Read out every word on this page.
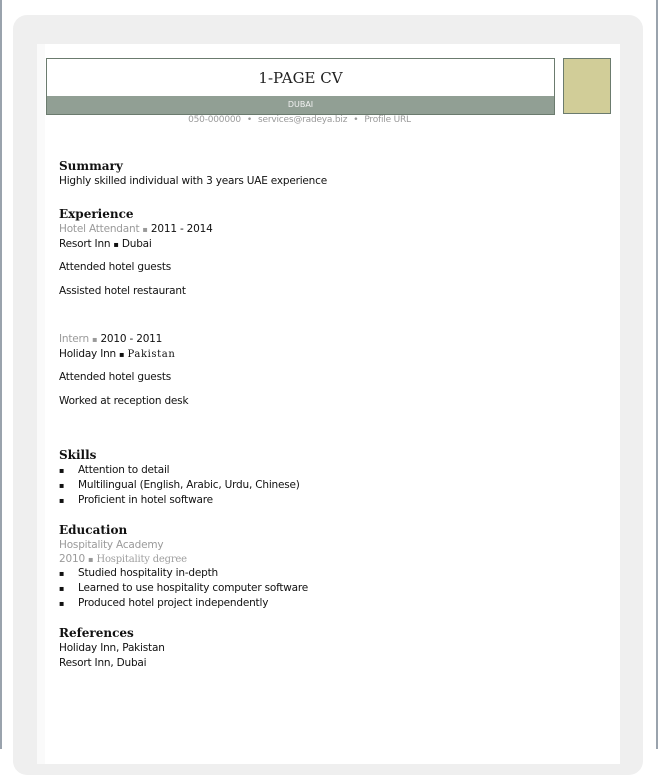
1-PAGE CV
DUBAI
050-000000 • services@radeya.biz • Profile URL

Summary

Highly skilled individual with 3 years UAE experience

Experience

Hotel Attendant ▪ 2011 - 2014

Resort Inn ▪ Dubai

Attended hotel guests

Assisted hotel restaurant

Intern ▪ 2010 - 2011

Holiday Inn ▪ Pakistan

Attended hotel guests

Worked at reception desk

Skills

▪	Attention to detail
▪	Multilingual (English, Arabic, Urdu, Chinese)
▪	Proficient in hotel software

Education

Hospitality Academy

2010 ▪ Hospitality degree

▪	Studied hospitality in-depth
▪	Learned to use hospitality computer software
▪	Produced hotel project independently

References

Holiday Inn, Pakistan

Resort Inn, Dubai
